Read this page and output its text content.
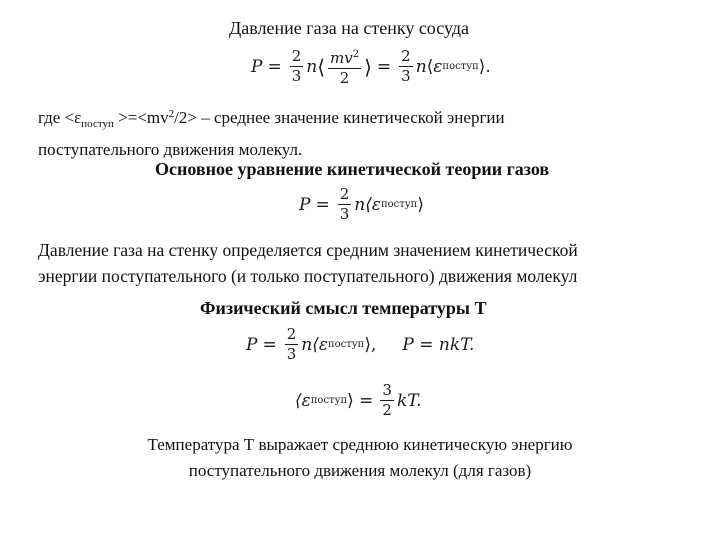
Давление газа на стенку сосуда
$P = \frac{2}{3}$ n ⟨ $\frac{mv^2}{2}$ ⟩ = $\frac{2}{3}$ n ⟨ ε поступ ⟩.
где $<\varepsilon_{поступ} >=<mv^2/2>$ – среднее значение кинетической энергии
поступательного движения молекул.
Основное уравнение кинетической теории газов
$P = \frac{2}{3}$ n ⟨ε поступ ⟩
Давление газа на стенку определяется средним значением кинетической
энергии поступательного (и только поступательного) движения молекул
Физический смысл температуры Т
$P = \frac{2}{3}$ n ⟨ε поступ ⟩, P = nkT.
⟨ε поступ ⟩ = $\frac{3}{2}$ kT.
Температура Т выражает среднюю кинетическую энергию
поступательного движения молекул (для газов)
